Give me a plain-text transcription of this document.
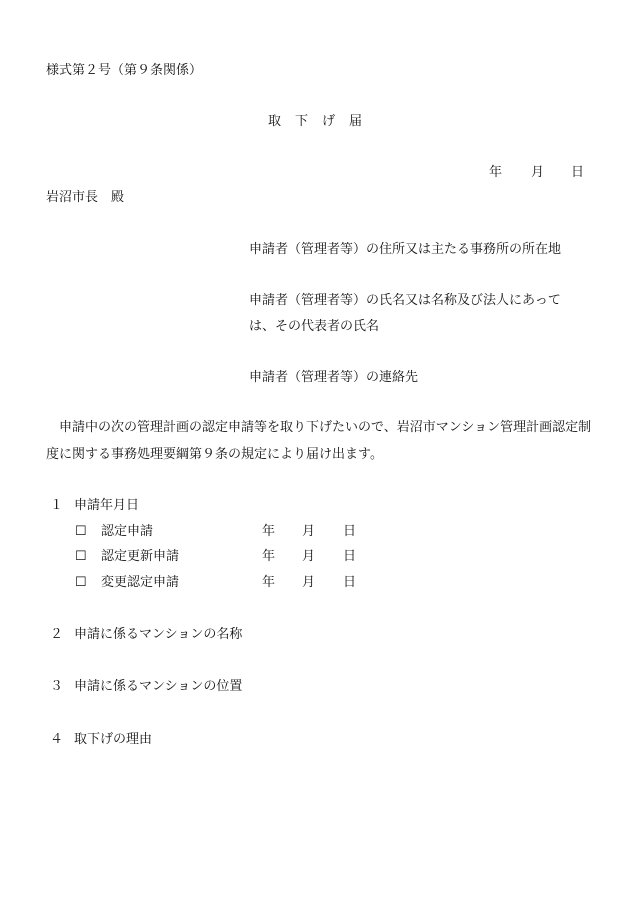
様式第２号（第９条関係）
取 下 げ 届
年 月 日
岩沼市長　殿
申請者（管理者等）の住所又は主たる事務所の所在地
申請者（管理者等）の氏名又は名称及び法人にあって
は、その代表者の氏名
申請者（管理者等）の連絡先
申請中の次の管理計画の認定申請等を取り下げたいので、岩沼市マンション管理計画認定制度に関する事務処理要綱第９条の規定により届け出ます。
１ 申請年月日
☐ 認定申請	年 月 日
☐ 認定更新申請	年 月 日
☐ 変更認定申請	年 月 日
２ 申請に係るマンションの名称
３ 申請に係るマンションの位置
４ 取下げの理由
